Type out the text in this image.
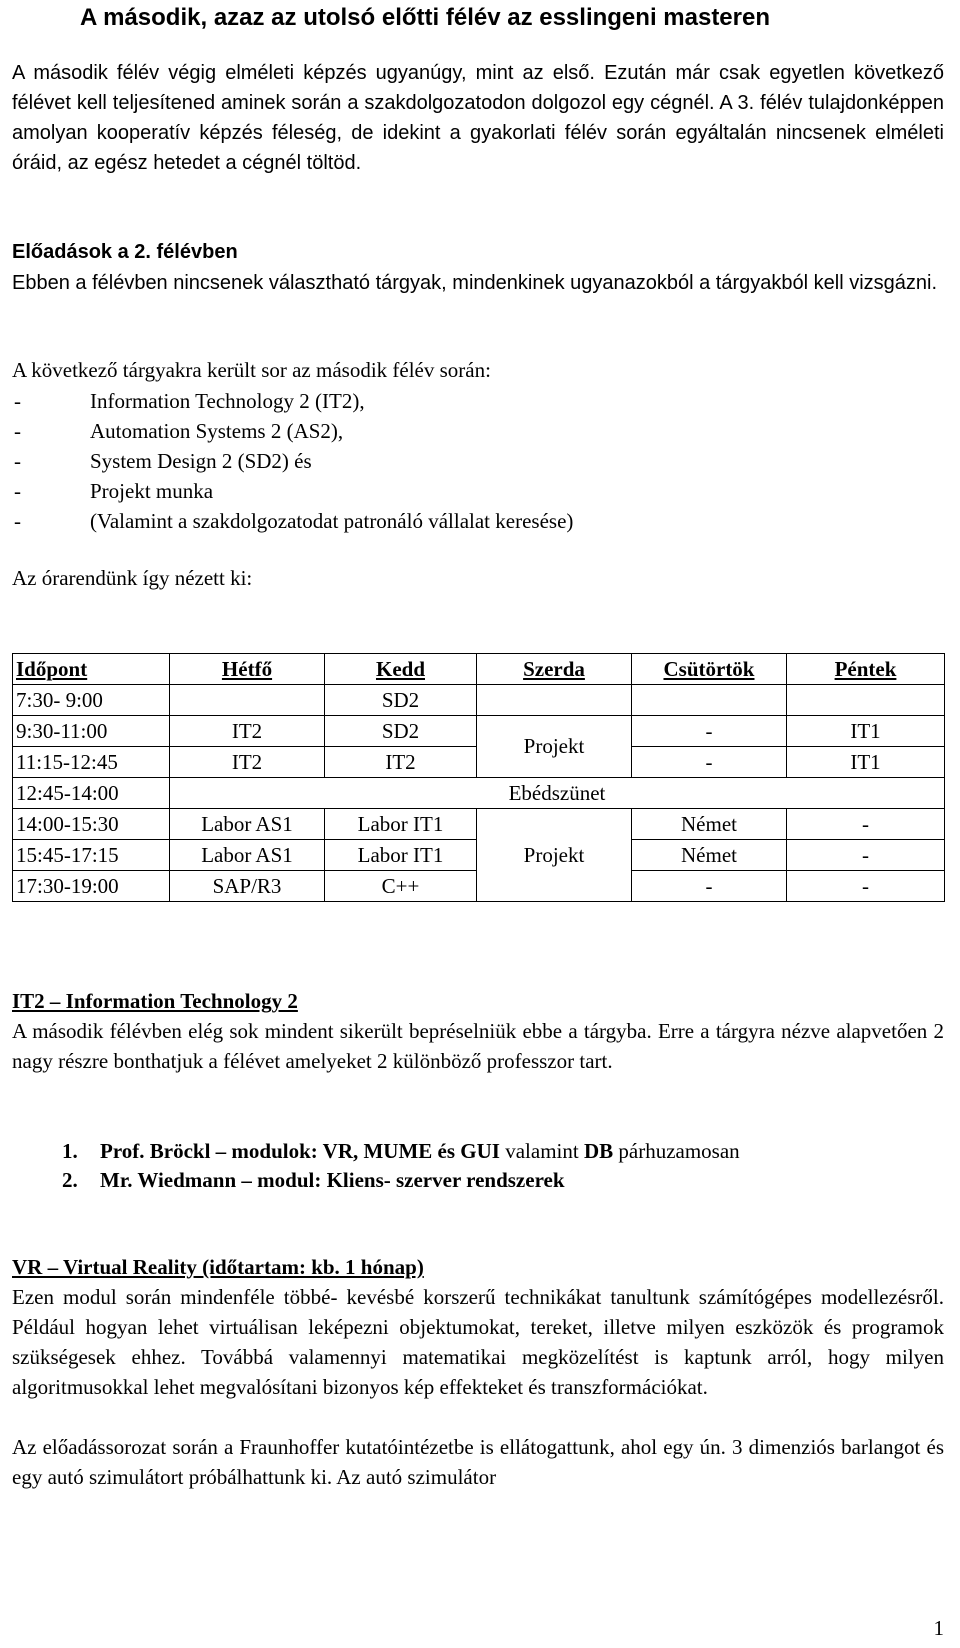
A második, azaz az utolsó előtti félév az esslingeni masteren

A második félév végig elméleti képzés ugyanúgy, mint az első. Ezután már csak egyetlen következő félévet kell teljesítened aminek során a szakdolgozatodon dolgozol egy cégnél. A 3. félév tulajdonképpen amolyan kooperatív képzés féleség, de idekint a gyakorlati félév során egyáltalán nincsenek elméleti óráid, az egész hetedet a cégnél töltöd.

Előadások a 2. félévben

Ebben a félévben nincsenek választható tárgyak, mindenkinek ugyanazokból a tárgyakból kell vizsgázni.

A következő tárgyakra került sor az második félév során:

-	Information Technology 2 (IT2),
-	Automation Systems 2 (AS2),
-	System Design 2 (SD2) és
-	Projekt munka
-	(Valamint a szakdolgozatodat patronáló vállalat keresése)

Az órarendünk így nézett ki:

Időpont	Hétfő	Kedd	Szerda	Csütörtök	Péntek
7:30- 9:00		SD2			
9:30-11:00	IT2	SD2	Projekt	-	IT1
11:15-12:45	IT2	IT2		-	IT1
12:45-14:00	Ebédszünet				
14:00-15:30	Labor AS1	Labor IT1	Projekt	Német	-
15:45-17:15	Labor AS1	Labor IT1		Német	-
17:30-19:00	SAP/R3	C++		-	-

IT2 – Information Technology 2

A második félévben elég sok mindent sikerült bepréselniük ebbe a tárgyba. Erre a tárgyra nézve alapvetően 2 nagy részre bonthatjuk a félévet amelyeket 2 különböző professzor tart.

1. Prof. Bröckl – modulok: VR, MUME és GUI valamint DB párhuzamosan
2. Mr. Wiedmann – modul: Kliens- szerver rendszerek

VR – Virtual Reality (időtartam: kb. 1 hónap)

Ezen modul során mindenféle többé- kevésbé korszerű technikákat tanultunk számítógépes modellezésről. Például hogyan lehet virtuálisan leképezni objektumokat, tereket, illetve milyen eszközök és programok szükségesek ehhez. Továbbá valamennyi matematikai megközelítést is kaptunk arról, hogy milyen algoritmusokkal lehet megvalósítani bizonyos kép effekteket és transzformációkat.

Az előadássorozat során a Fraunhoffer kutatóintézetbe is ellátogattunk, ahol egy ún. 3 dimenziós barlangot és egy autó szimulátort próbálhattunk ki. Az autó szimulátor

1
